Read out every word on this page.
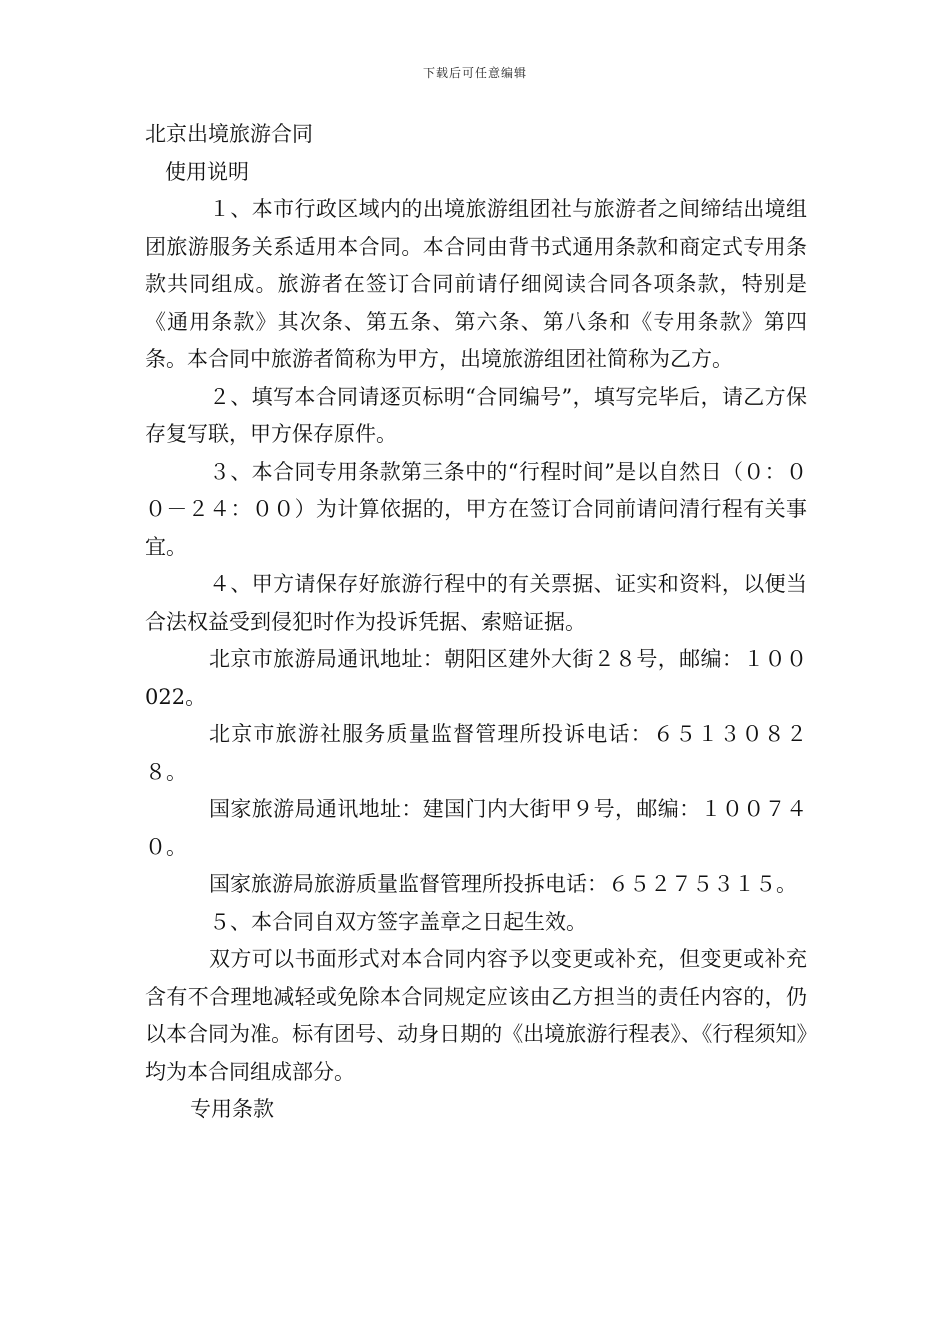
下载后可任意编辑

北京出境旅游合同

使用说明

１、本市行政区域内的出境旅游组团社与旅游者之间缔结出境组团旅游服务关系适用本合同。本合同由背书式通用条款和商定式专用条款共同组成。旅游者在签订合同前请仔细阅读合同各项条款，特别是《通用条款》其次条、第五条、第六条、第八条和《专用条款》第四条。本合同中旅游者简称为甲方，出境旅游组团社简称为乙方。

２、填写本合同请逐页标明“合同编号”，填写完毕后，请乙方保存复写联，甲方保存原件。

３、本合同专用条款第三条中的“行程时间”是以自然日（０：００－２４：００）为计算依据的，甲方在签订合同前请问清行程有关事宜。

４、甲方请保存好旅游行程中的有关票据、证实和资料，以便当合法权益受到侵犯时作为投诉凭据、索赔证据。

北京市旅游局通讯地址：朝阳区建外大街２８号，邮编：１００022。

北京市旅游社服务质量监督管理所投诉电话：６５１３０８２８。

国家旅游局通讯地址：建国门内大街甲９号，邮编：１００７４０。

国家旅游局旅游质量监督管理所投拆电话：６５２７５３１５。

５、本合同自双方签字盖章之日起生效。

双方可以书面形式对本合同内容予以变更或补充，但变更或补充含有不合理地减轻或免除本合同规定应该由乙方担当的责任内容的，仍以本合同为准。标有团号、动身日期的《出境旅游行程表》、《行程须知》均为本合同组成部分。

专用条款
